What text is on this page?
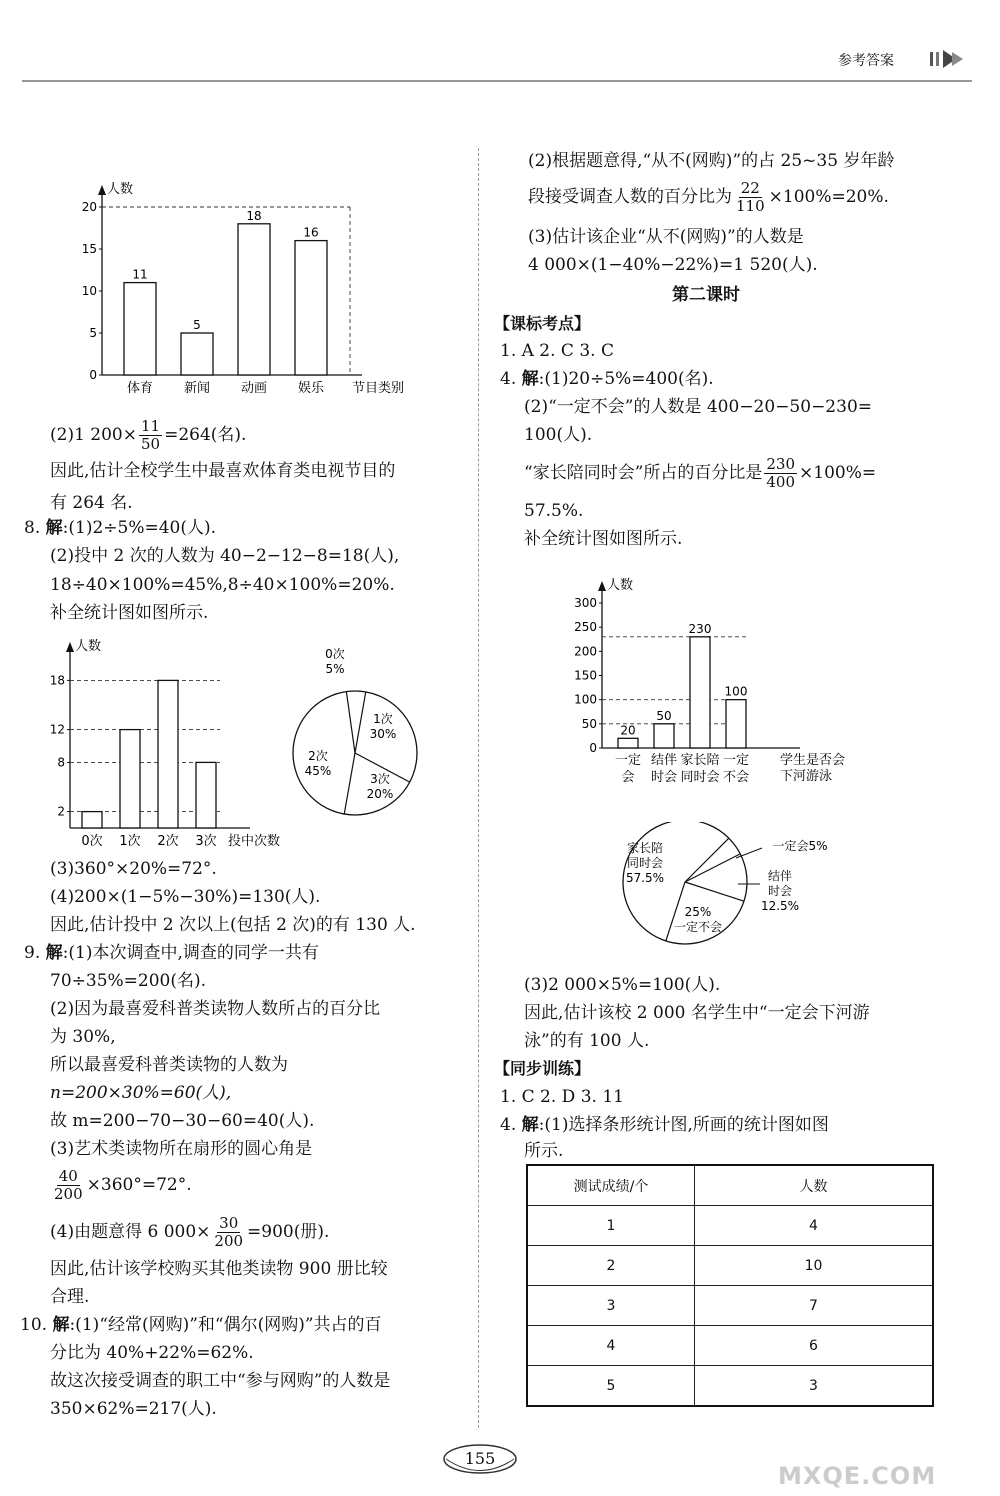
参考答案
人数
节目类别
0
5
10
15
20
11
体育
5
新闻
18
动画
16
娱乐
(2)1 $200\times \frac{11}{50} =264$(名).
因此,估计全校学生中最喜欢体育类电视节目的
有 264 名.
8. 解:(1)2÷5%=40(人).
(2)投中 2 次的人数为 40−2−12−8=18(人),
18÷40×100%=45%,8÷40×100%=20%.
补全统计图如图所示.
人数
投中次数
2
8
12
18
0次 1次 2次 3次
0次
5%
1次
30%
3次
20%
2次
45%
(3)360°×20%=72°.
(4)200×(1−5%−30%)=130(人).
因此,估计投中 2 次以上(包括 2 次)的有 130 人.
9. 解:(1)本次调查中,调查的同学一共有
70÷35%=200(名).
(2)因为最喜爱科普类读物人数所占的百分比
为 30%,
所以最喜爱科普类读物的人数为
n=200×30%=60(人),
故 m=200−70−30−60=40(人).
(3)艺术类读物所在扇形的圆心角是
$\frac{40}{200} \times 360^\circ=72^\circ$.
(4)由题意得 6 $000\times \frac{30}{200} =900$(册).
因此,估计该学校购买其他类读物 900 册比较
合理.
10. 解:(1)“经常(网购)”和“偶尔(网购)”共占的百
分比为 40%+22%=62%.
故这次接受调查的职工中“参与网购”的人数是
350×62%=217(人).
(2)根据题意得,“从不(网购)”的占 25~35 岁年龄
段接受调查人数的百分比为 $\frac{22}{110} \times 100\%=20\%$.
(3)估计该企业“从不(网购)”的人数是
4 000×(1−40%−22%)=1 520(人).
第二课时
【课标考点】
1. A 2. C 3. C
4. 解:(1)20÷5%=400(名).
(2)“一定不会”的人数是 400−20−50−230=
100(人).
“家长陪同时会”所占的百分比是 $\frac{230}{400} \times 100\%=$
57.5%.
补全统计图如图所示.
人数
学生是否会
下河游泳
0
50
100
150
200
250
300
20
一定
会
50
结伴
时会
230
家长陪
同时会
100
一定
不会
一定会5%
结伴
时会
12.5%
25%
一定不会
家长陪
同时会
57.5%
(3)2 000×5%=100(人).
因此,估计该校 2 000 名学生中“一定会下河游
泳”的有 100 人.
【同步训练】
1. C 2. D 3. 11
4. 解:(1)选择条形统计图,所画的统计图如图
所示.
测试成绩/个	人数
1	4
2	10
3	7
4	6
5	3
155
MXQE.COM
